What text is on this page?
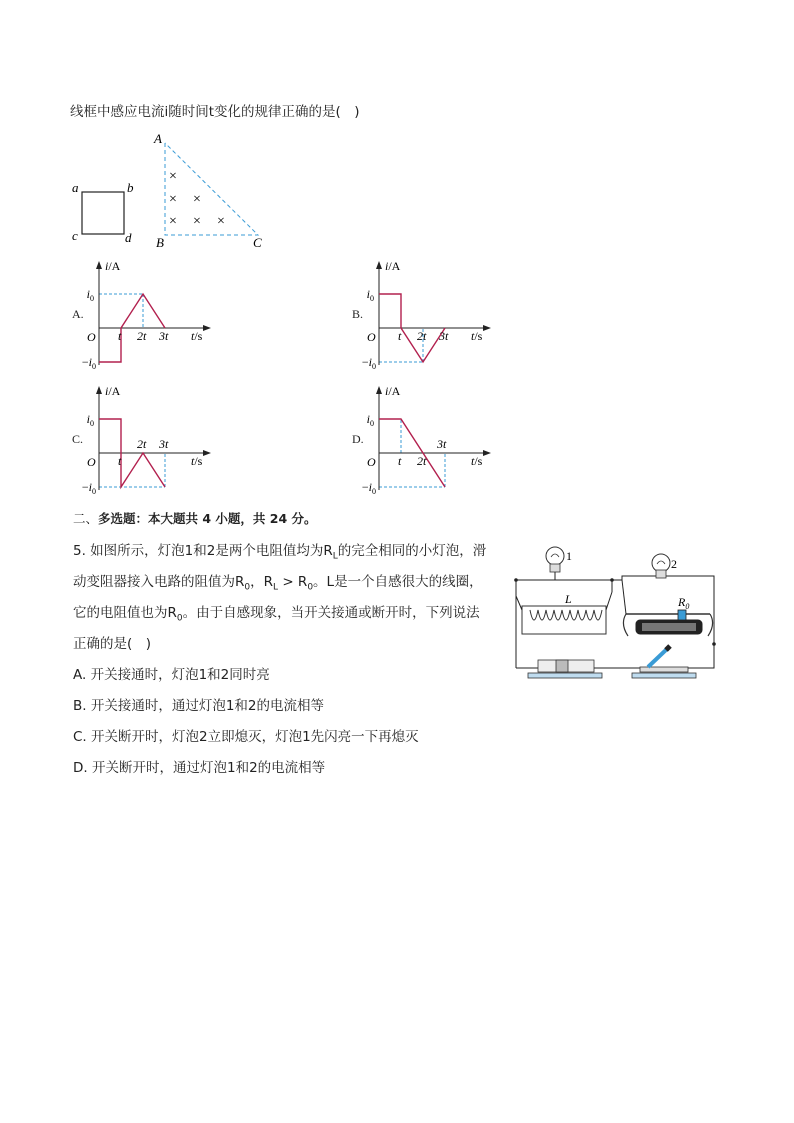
线框中感应电流i随时间t变化的规律正确的是(　)
a	b
c	d
A
B	C
×
× ×
× × ×
A.	B.
C.	D.
i/A
t/s
O
$i_0$
$-i_0$
t 2t 3t
i/A
t/s
O
$i_0$
$-i_0$
t 2t 3t
i/A
t/s
O
$i_0$
$-i_0$
t
2t 3t
i/A
t/s
O
$i_0$
$-i_0$
t 2t
3t
二、多选题：本大题共 4 小题，共 24 分。
5. 如图所示，灯泡1和2是两个电阻值均为$R_L$的完全相同的小灯泡，滑
动变阻器接入电路的阻值为$R_0$，$R_L > R_0$。L是一个自感很大的线圈，
它的电阻值也为$R_0$。由于自感现象，当开关接通或断开时，下列说法
正确的是(　)
A. 开关接通时，灯泡1和2同时亮
B. 开关接通时，通过灯泡1和2的电流相等
C. 开关断开时，灯泡2立即熄灭，灯泡1先闪亮一下再熄灭
D. 开关断开时，通过灯泡1和2的电流相等
1
2
L	$R_0$
